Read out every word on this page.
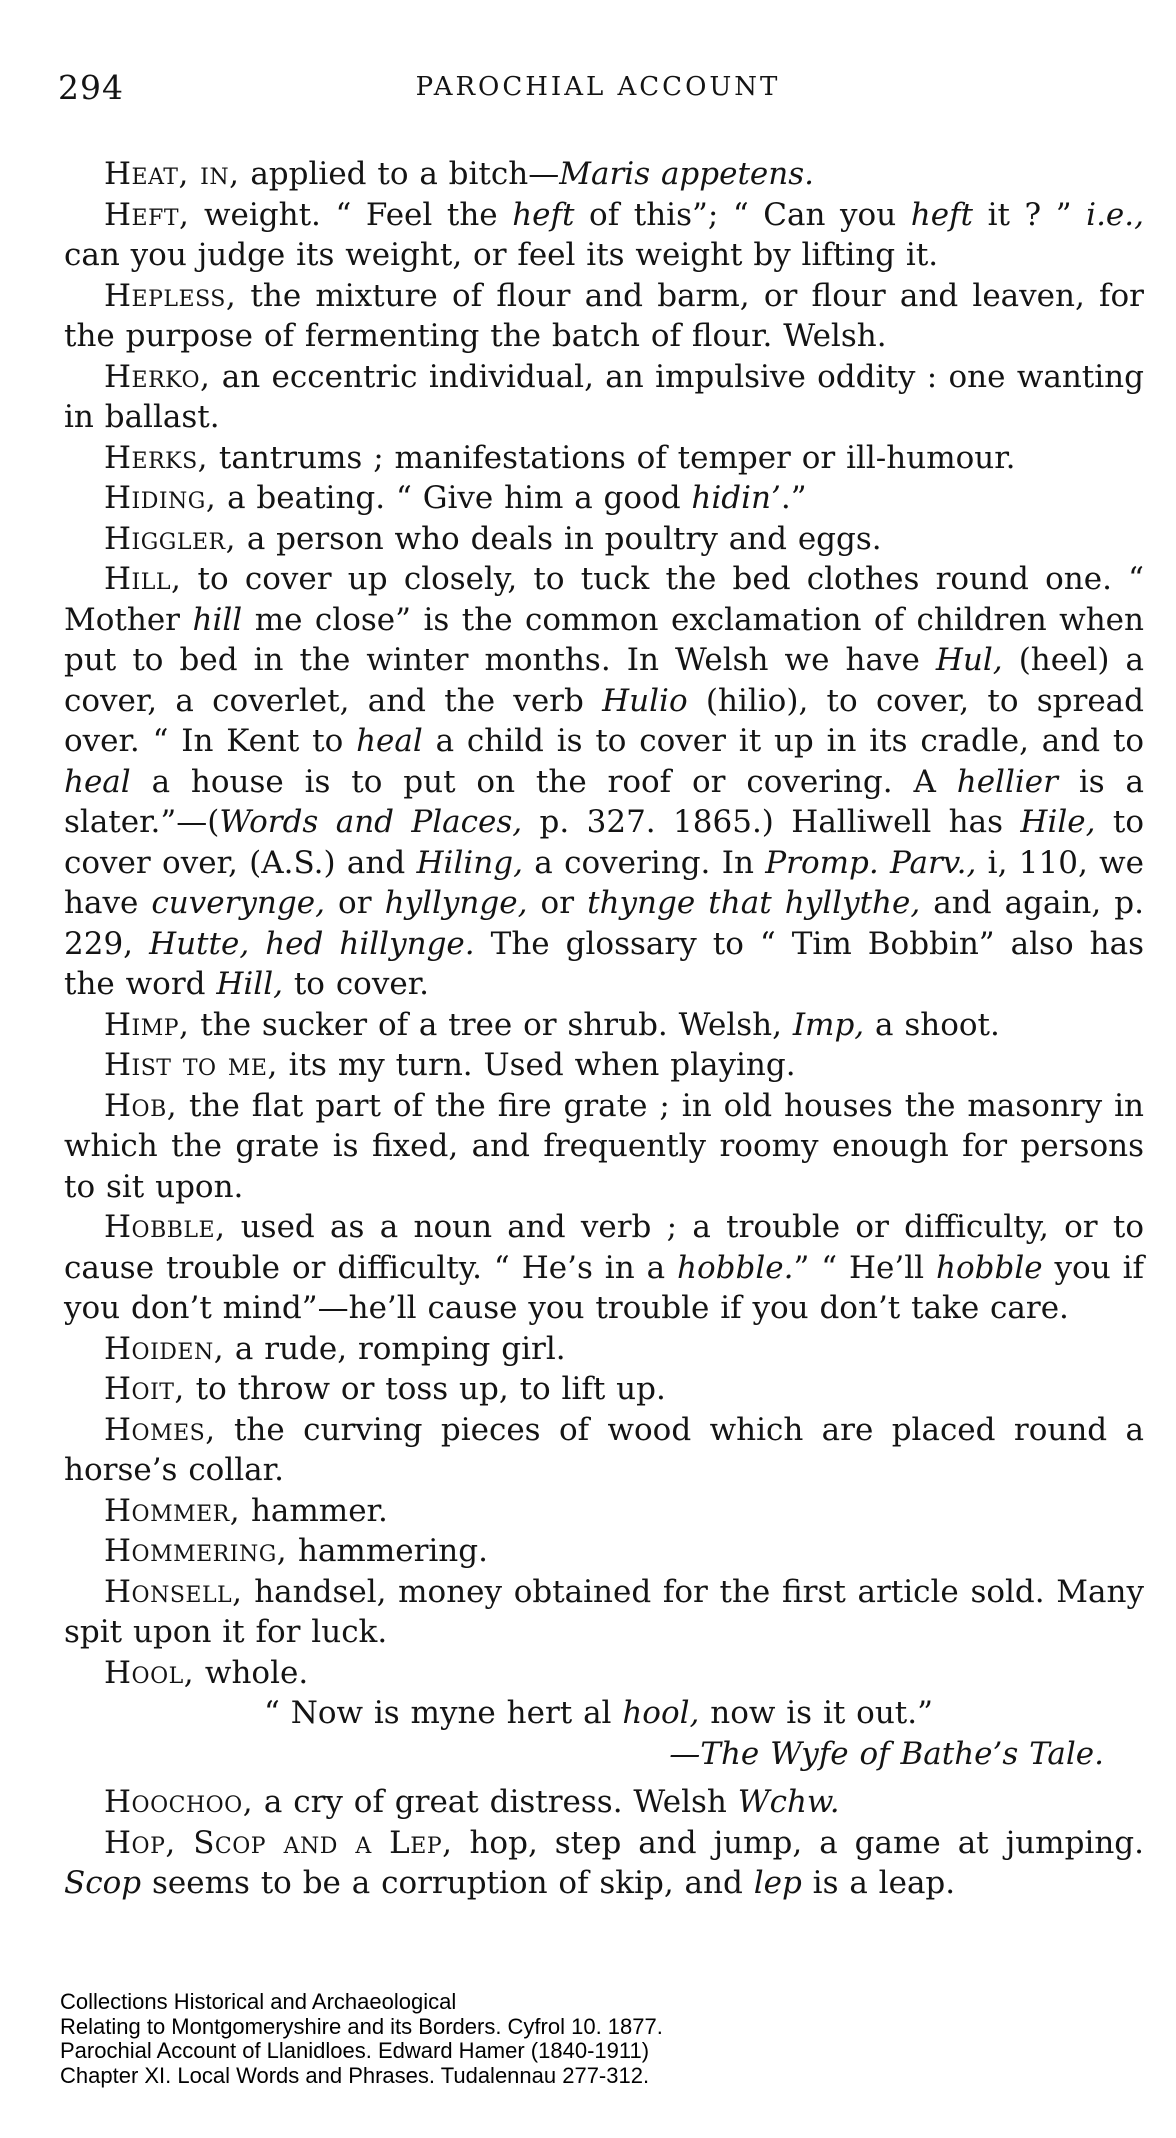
294	PAROCHIAL ACCOUNT

Heat, in, applied to a bitch—Maris appetens.

Heft, weight. “ Feel the heft of this”; “ Can you heft it ? ” i.e., can you judge its weight, or feel its weight by lifting it.

Hepless, the mixture of flour and barm, or flour and leaven, for the purpose of fermenting the batch of flour. Welsh.

Herko, an eccentric individual, an impulsive oddity : one wanting in ballast.

Herks, tantrums ; manifestations of temper or ill-humour.

Hiding, a beating. “ Give him a good hidin’.”

Higgler, a person who deals in poultry and eggs.

Hill, to cover up closely, to tuck the bed clothes round one. “ Mother hill me close” is the common exclamation of children when put to bed in the winter months. In Welsh we have Hul, (heel) a cover, a coverlet, and the verb Hulio (hilio), to cover, to spread over. “ In Kent to heal a child is to cover it up in its cradle, and to heal a house is to put on the roof or covering. A hellier is a slater.”—(Words and Places, p. 327. 1865.) Halliwell has Hile, to cover over, (A.S.) and Hiling, a covering. In Promp. Parv., i, 110, we have cuverynge, or hyllynge, or thynge that hyllythe, and again, p. 229, Hutte, hed hillynge. The glossary to “ Tim Bobbin” also has the word Hill, to cover.

Himp, the sucker of a tree or shrub. Welsh, Imp, a shoot.

Hist to me, its my turn. Used when playing.

Hob, the flat part of the fire grate ; in old houses the masonry in which the grate is fixed, and frequently roomy enough for persons to sit upon.

Hobble, used as a noun and verb ; a trouble or difficulty, or to cause trouble or difficulty. “ He’s in a hobble.” “ He’ll hobble you if you don’t mind”—he’ll cause you trouble if you don’t take care.

Hoiden, a rude, romping girl.

Hoit, to throw or toss up, to lift up.

Homes, the curving pieces of wood which are placed round a horse’s collar.

Hommer, hammer.

Hommering, hammering.

Honsell, handsel, money obtained for the first article sold. Many spit upon it for luck.

Hool, whole.

“ Now is myne hert al hool, now is it out.”
—The Wyfe of Bathe’s Tale.

Hoochoo, a cry of great distress. Welsh Wchw.

Hop, Scop and a Lep, hop, step and jump, a game at jumping. Scop seems to be a corruption of skip, and lep is a leap.

Collections Historical and Archaeological
Relating to Montgomeryshire and its Borders. Cyfrol 10. 1877.
Parochial Account of Llanidloes. Edward Hamer (1840-1911)
Chapter XI. Local Words and Phrases. Tudalennau 277-312.
